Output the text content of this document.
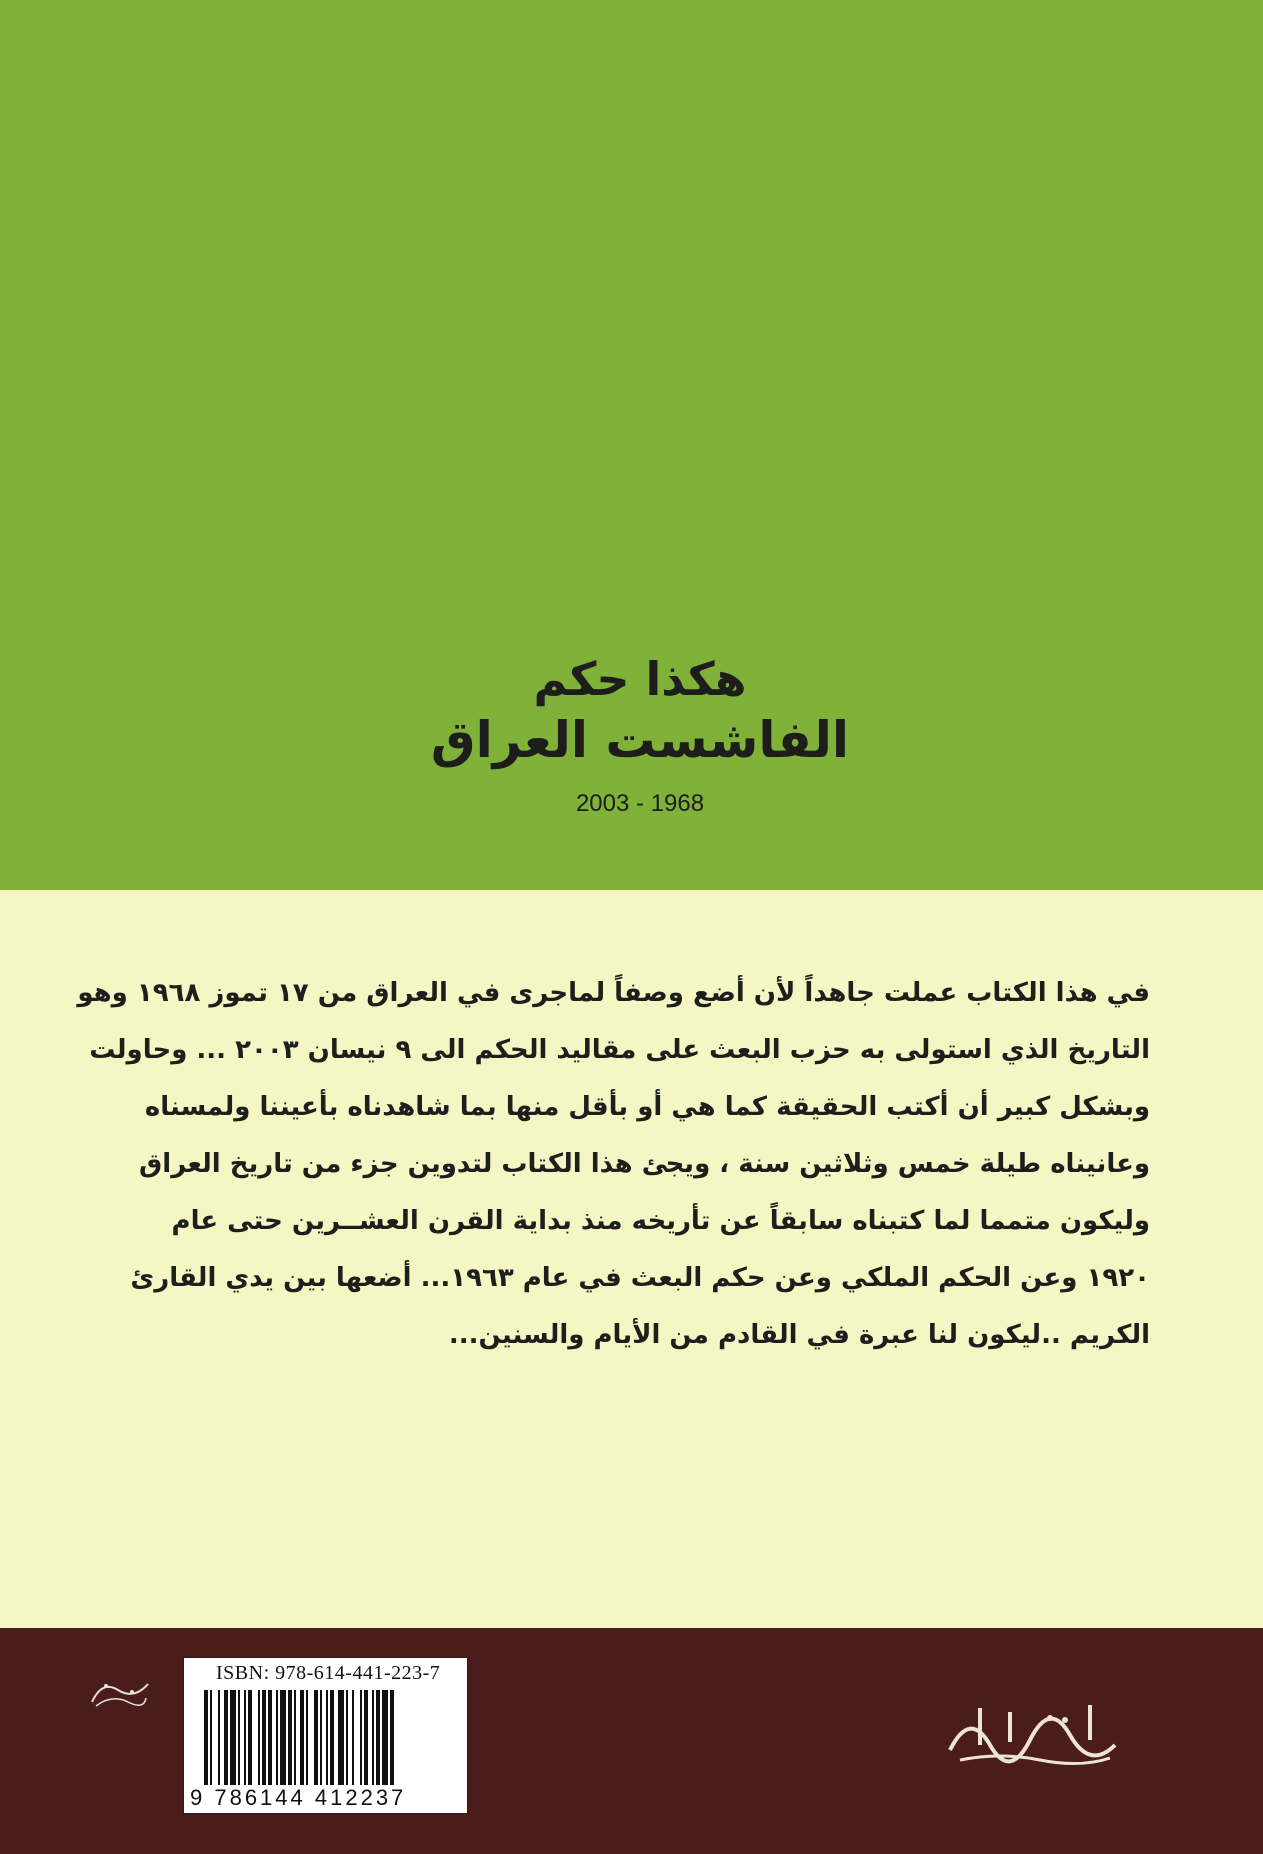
هكذا حكم
الفاشست العراق
2003 - 1968
في هذا الكتاب عملت جاهداً لأن أضع وصفاً لماجرى في العراق من ١٧ تموز ١٩٦٨ وهو
التاريخ الذي استولى به حزب البعث على مقاليد الحكم الى ٩ نيسان ٢٠٠٣ ... وحاولت
وبشكل كبير أن أكتب الحقيقة كما هي أو بأقل منها بما شاهدناه بأعيننا ولمسناه
وعانيناه طيلة خمس وثلاثين سنة ، ويجئ هذا الكتاب لتدوين جزء من تاريخ العراق
وليكون متمما لما كتبناه سابقاً عن تأريخه منذ بداية القرن العشــرين حتى عام
١٩٢٠ وعن الحكم الملكي وعن حكم البعث في عام ١٩٦٣... أضعها بين يدي القارئ
الكريم ..ليكون لنا عبرة في القادم من الأيام والسنين...
ISBN: 978-614-441-223-7
9 786144 412237
